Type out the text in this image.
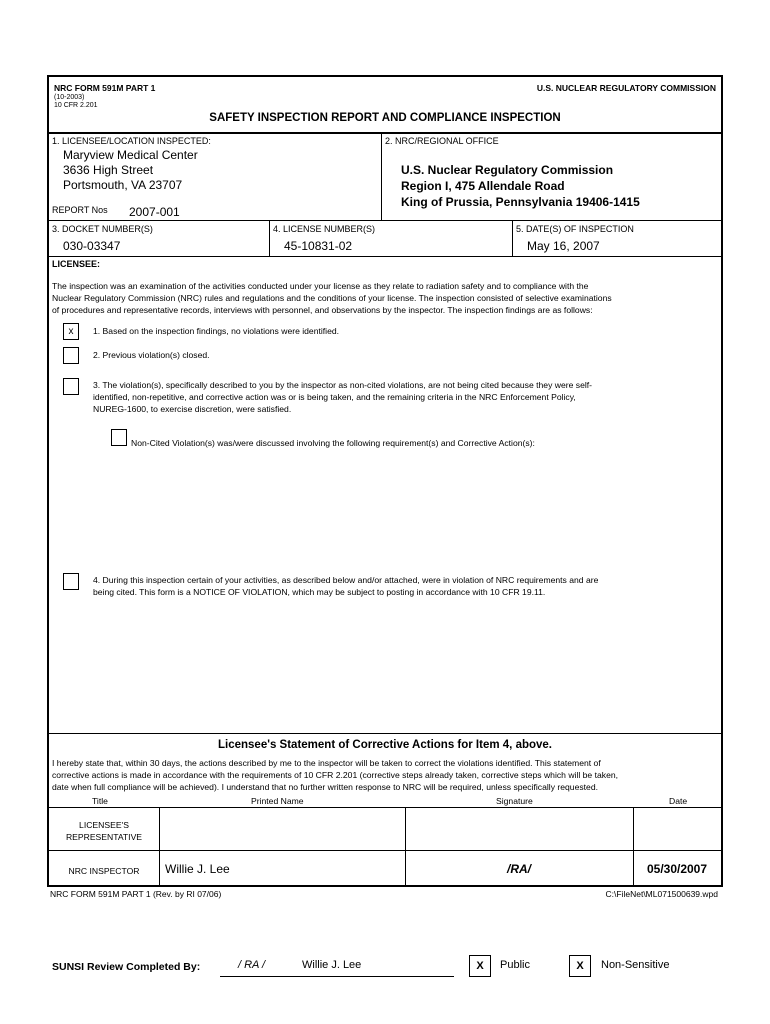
NRC FORM 591M PART 1
(10-2003)
10 CFR 2.201
U.S. NUCLEAR REGULATORY COMMISSION
SAFETY INSPECTION REPORT AND COMPLIANCE INSPECTION
1. LICENSEE/LOCATION INSPECTED:
Maryview Medical Center
3636 High Street
Portsmouth, VA 23707
REPORT Nos 2007-001
2. NRC/REGIONAL OFFICE
U.S. Nuclear Regulatory Commission
Region I, 475 Allendale Road
King of Prussia, Pennsylvania 19406-1415
3. DOCKET NUMBER(S)
030-03347
4. LICENSE NUMBER(S)
45-10831-02
5. DATE(S) OF INSPECTION
May 16, 2007
LICENSEE:
The inspection was an examination of the activities conducted under your license as they relate to radiation safety and to compliance with the
Nuclear Regulatory Commission (NRC) rules and regulations and the conditions of your license. The inspection consisted of selective examinations
of procedures and representative records, interviews with personnel, and observations by the inspector. The inspection findings are as follows:
x	1. Based on the inspection findings, no violations were identified.
2. Previous violation(s) closed.
3. The violation(s), specifically described to you by the inspector as non-cited violations, are not being cited because they were self-
identified, non-repetitive, and corrective action was or is being taken, and the remaining criteria in the NRC Enforcement Policy,
NUREG-1600, to exercise discretion, were satisfied.
Non-Cited Violation(s) was/were discussed involving the following requirement(s) and Corrective Action(s):
4. During this inspection certain of your activities, as described below and/or attached, were in violation of NRC requirements and are
being cited. This form is a NOTICE OF VIOLATION, which may be subject to posting in accordance with 10 CFR 19.11.
Licensee's Statement of Corrective Actions for Item 4, above.
I hereby state that, within 30 days, the actions described by me to the inspector will be taken to correct the violations identified. This statement of
corrective actions is made in accordance with the requirements of 10 CFR 2.201 (corrective steps already taken, corrective steps which will be taken,
date when full compliance will be achieved). I understand that no further written response to NRC will be required, unless specifically requested.
Title	Printed Name	Signature	Date
LICENSEE'S
REPRESENTATIVE
NRC INSPECTOR	Willie J. Lee	/RA/	05/30/2007
NRC FORM 591M PART 1 (Rev. by RI 07/06)	C:\FileNet\ML071500639.wpd
SUNSI Review Completed By:	/ RA /	Willie J. Lee	X	Public	X	Non-Sensitive
